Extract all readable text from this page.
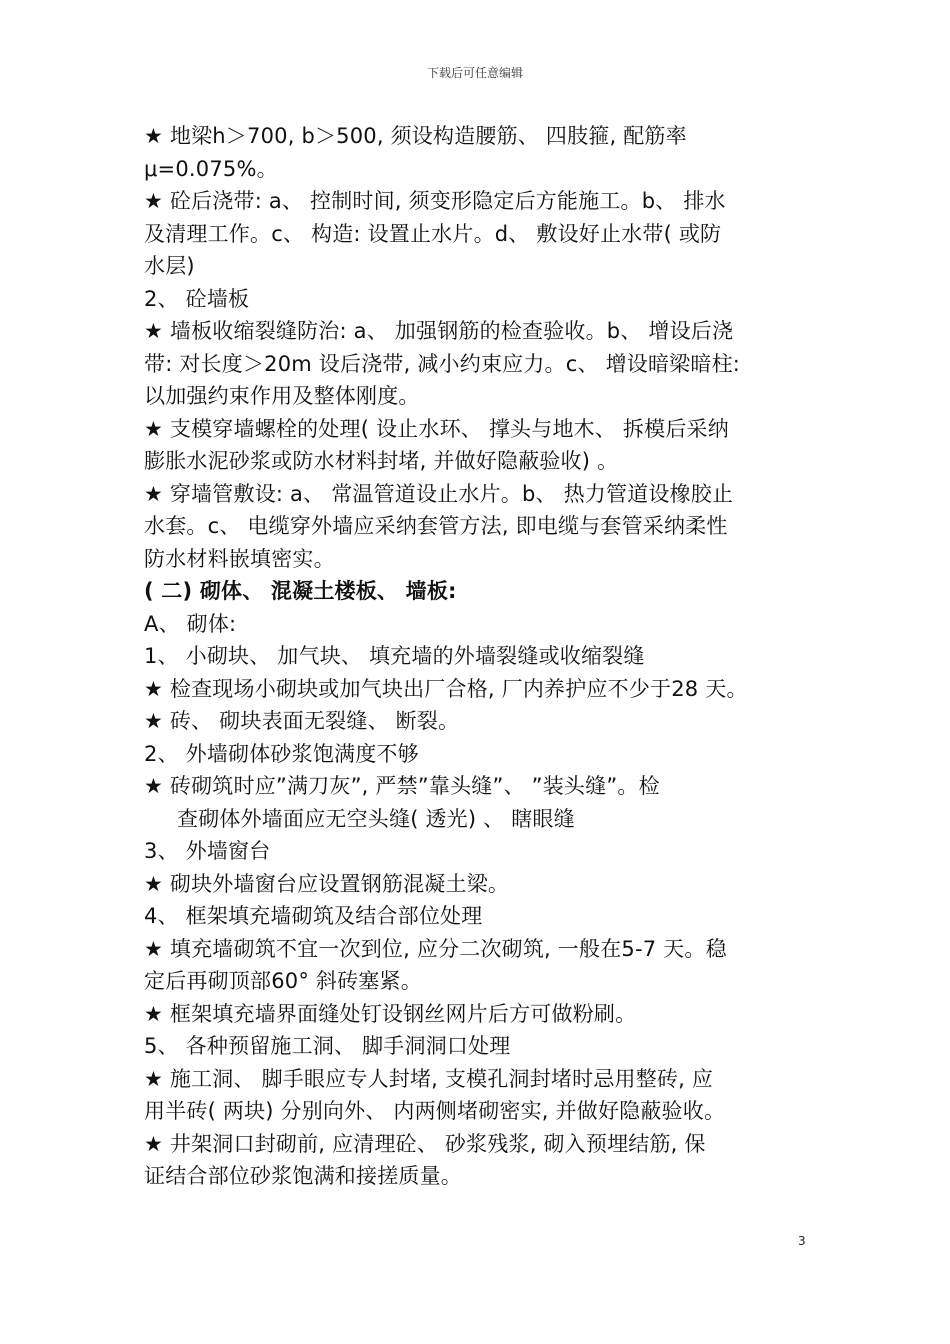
下载后可任意编辑
★ 地梁h＞700, b＞500, 须设构造腰筋、 四肢箍, 配筋率
μ=0.075%。
★ 砼后浇带: a、 控制时间, 须变形隐定后方能施工。b、 排水
及清理工作。c、 构造: 设置止水片。d、 敷设好止水带( 或防
水层)
2、 砼墙板
★ 墙板收缩裂缝防治: a、 加强钢筋的检查验收。b、 增设后浇
带: 对长度＞20m 设后浇带, 减小约束应力。c、 增设暗梁暗柱:
以加强约束作用及整体刚度。
★ 支模穿墙螺栓的处理( 设止水环、 撑头与地木、 拆模后采纳
膨胀水泥砂浆或防水材料封堵, 并做好隐蔽验收) 。
★ 穿墙管敷设: a、 常温管道设止水片。b、 热力管道设橡胶止
水套。c、 电缆穿外墙应采纳套管方法, 即电缆与套管采纳柔性
防水材料嵌填密实。
( 二) 砌体、 混凝土楼板、 墙板:
A、 砌体:
1、 小砌块、 加气块、 填充墙的外墙裂缝或收缩裂缝
★ 检查现场小砌块或加气块出厂合格, 厂内养护应不少于28 天。
★ 砖、 砌块表面无裂缝、 断裂。
2、 外墙砌体砂浆饱满度不够
★ 砖砌筑时应”满刀灰”, 严禁”靠头缝”、 ”装头缝”。检
查砌体外墙面应无空头缝( 透光) 、 瞎眼缝
3、 外墙窗台
★ 砌块外墙窗台应设置钢筋混凝土梁。
4、 框架填充墙砌筑及结合部位处理
★ 填充墙砌筑不宜一次到位, 应分二次砌筑, 一般在5-7 天。稳
定后再砌顶部60° 斜砖塞紧。
★ 框架填充墙界面缝处钉设钢丝网片后方可做粉刷。
5、 各种预留施工洞、 脚手洞洞口处理
★ 施工洞、 脚手眼应专人封堵, 支模孔洞封堵时忌用整砖, 应
用半砖( 两块) 分别向外、 内两侧堵砌密实, 并做好隐蔽验收。
★ 井架洞口封砌前, 应清理砼、 砂浆残浆, 砌入预埋结筋, 保
证结合部位砂浆饱满和接搓质量。
3
